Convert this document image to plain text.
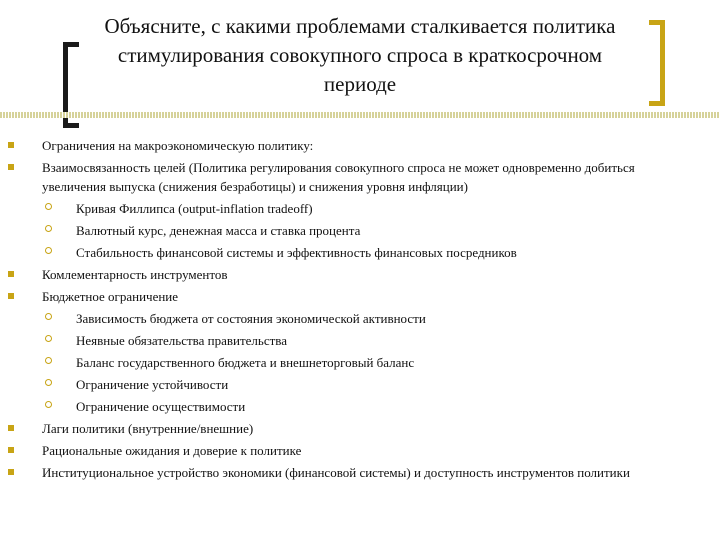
Объясните, с какими проблемами сталкивается политика стимулирования совокупного спроса в краткосрочном периоде
Ограничения на макроэкономическую политику:
Взаимосвязанность целей (Политика регулирования совокупного спроса не может одновременно добиться увеличения выпуска (снижения безработицы) и снижения уровня инфляции)
Кривая Филлипса (output-inflation tradeoff)
Валютный курс, денежная масса и ставка процента
Стабильность финансовой системы и эффективность финансовых посредников
Комлементарность инструментов
Бюджетное ограничение
Зависимость бюджета от состояния экономической активности
Неявные обязательства правительства
Баланс государственного бюджета и внешнеторговый баланс
Ограничение устойчивости
Ограничение осуществимости
Лаги политики (внутренние/внешние)
Рациональные ожидания и доверие к политике
Институциональное устройство экономики (финансовой системы) и доступность инструментов политики
